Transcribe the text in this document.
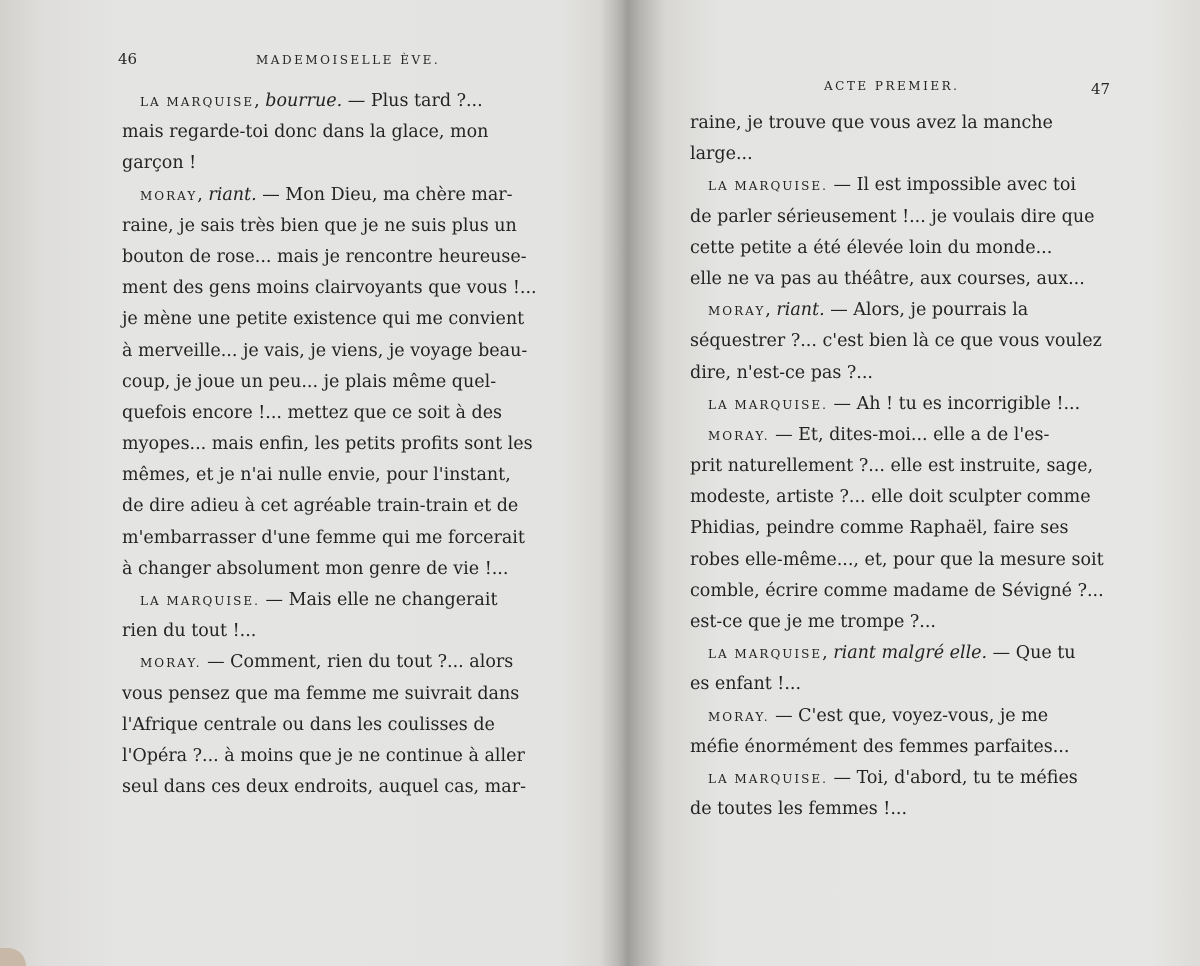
46	MADEMOISELLE ÈVE.
LA MARQUISE, bourrue. — Plus tard ?...
mais regarde-toi donc dans la glace, mon
garçon !
MORAY, riant. — Mon Dieu, ma chère mar-
raine, je sais très bien que je ne suis plus un
bouton de rose... mais je rencontre heureuse-
ment des gens moins clairvoyants que vous !...
je mène une petite existence qui me convient
à merveille... je vais, je viens, je voyage beau-
coup, je joue un peu... je plais même quel-
quefois encore !... mettez que ce soit à des
myopes... mais enfin, les petits profits sont les
mêmes, et je n'ai nulle envie, pour l'instant,
de dire adieu à cet agréable train-train et de
m'embarrasser d'une femme qui me forcerait
à changer absolument mon genre de vie !...
LA MARQUISE. — Mais elle ne changerait
rien du tout !...
MORAY. — Comment, rien du tout ?... alors
vous pensez que ma femme me suivrait dans
l'Afrique centrale ou dans les coulisses de
l'Opéra ?... à moins que je ne continue à aller
seul dans ces deux endroits, auquel cas, mar-
ACTE PREMIER.	47
raine, je trouve que vous avez la manche
large...
LA MARQUISE. — Il est impossible avec toi
de parler sérieusement !... je voulais dire que
cette petite a été élevée loin du monde...
elle ne va pas au théâtre, aux courses, aux...
MORAY, riant. — Alors, je pourrais la
séquestrer ?... c'est bien là ce que vous voulez
dire, n'est-ce pas ?...
LA MARQUISE. — Ah ! tu es incorrigible !...
MORAY. — Et, dites-moi... elle a de l'es-
prit naturellement ?... elle est instruite, sage,
modeste, artiste ?... elle doit sculpter comme
Phidias, peindre comme Raphaël, faire ses
robes elle-même..., et, pour que la mesure soit
comble, écrire comme madame de Sévigné ?...
est-ce que je me trompe ?...
LA MARQUISE, riant malgré elle. — Que tu
es enfant !...
MORAY. — C'est que, voyez-vous, je me
méfie énormément des femmes parfaites...
LA MARQUISE. — Toi, d'abord, tu te méfies
de toutes les femmes !...
